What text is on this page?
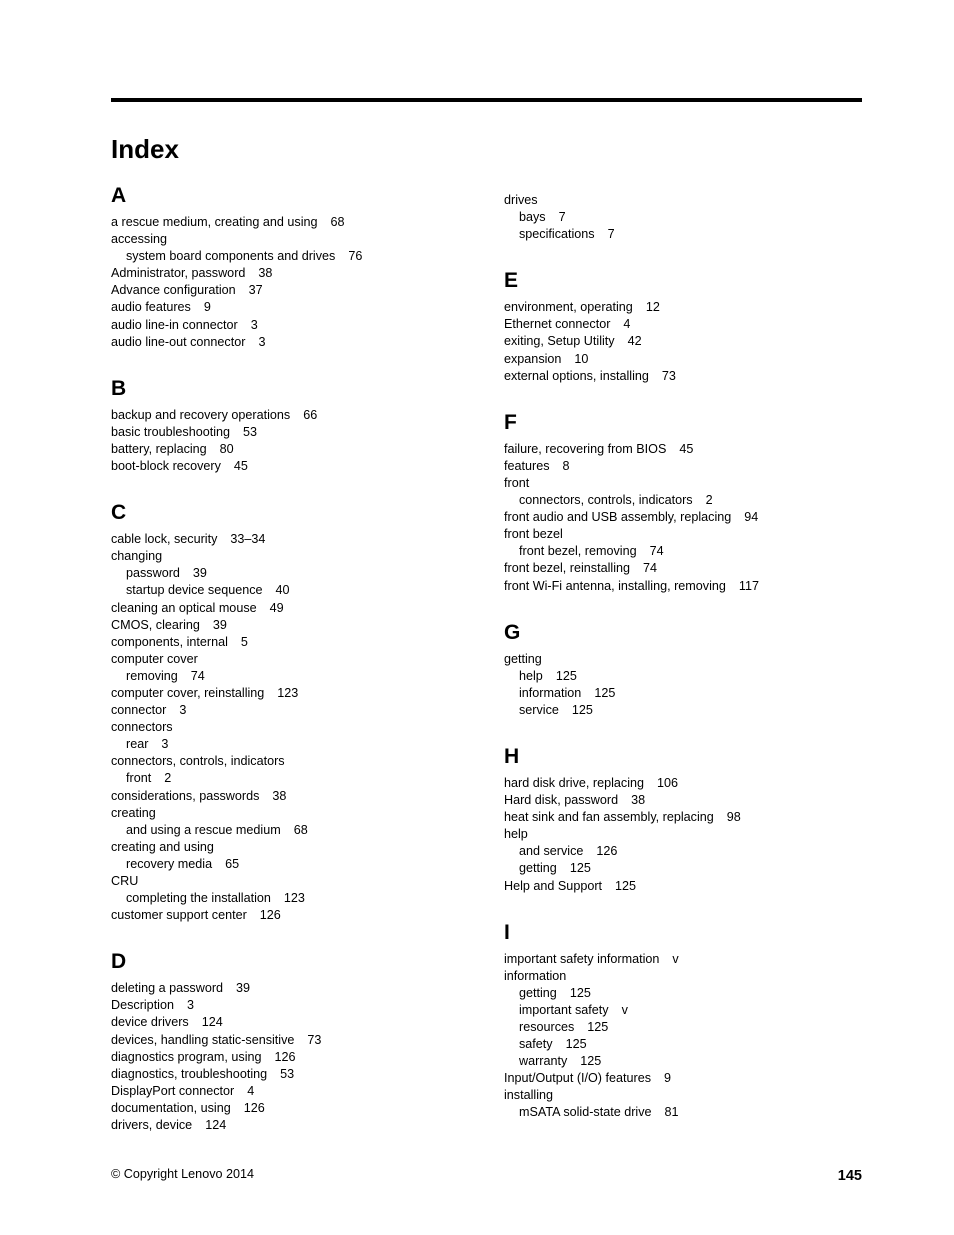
Index
A
a rescue medium, creating and using 68
accessing
system board components and drives 76
Administrator, password 38
Advance configuration 37
audio features 9
audio line-in connector 3
audio line-out connector 3
B
backup and recovery operations 66
basic troubleshooting 53
battery, replacing 80
boot-block recovery 45
C
cable lock, security 33–34
changing
password 39
startup device sequence 40
cleaning an optical mouse 49
CMOS, clearing 39
components, internal 5
computer cover
removing 74
computer cover, reinstalling 123
connector 3
connectors
rear 3
connectors, controls, indicators
front 2
considerations, passwords 38
creating
and using a rescue medium 68
creating and using
recovery media 65
CRU
completing the installation 123
customer support center 126
D
deleting a password 39
Description 3
device drivers 124
devices, handling static-sensitive 73
diagnostics program, using 126
diagnostics, troubleshooting 53
DisplayPort connector 4
documentation, using 126
drivers, device 124
drives
bays 7
specifications 7
E
environment, operating 12
Ethernet connector 4
exiting, Setup Utility 42
expansion 10
external options, installing 73
F
failure, recovering from BIOS 45
features 8
front
connectors, controls, indicators 2
front audio and USB assembly, replacing 94
front bezel
front bezel, removing 74
front bezel, reinstalling 74
front Wi-Fi antenna, installing, removing 117
G
getting
help 125
information 125
service 125
H
hard disk drive, replacing 106
Hard disk, password 38
heat sink and fan assembly, replacing 98
help
and service 126
getting 125
Help and Support 125
I
important safety information v
information
getting 125
important safety v
resources 125
safety 125
warranty 125
Input/Output (I/O) features 9
installing
mSATA solid-state drive 81
© Copyright Lenovo 2014	145
